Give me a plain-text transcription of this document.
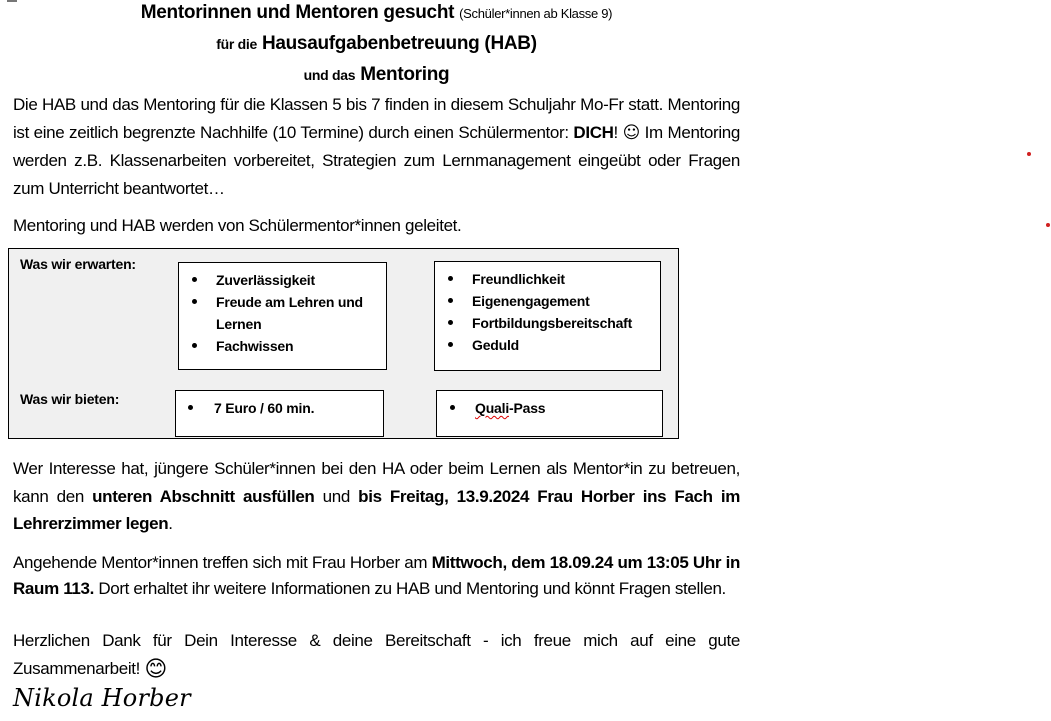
Mentorinnen und Mentoren gesucht (Schüler*innen ab Klasse 9)
für die Hausaufgabenbetreuung (HAB)
und das Mentoring
Die HAB und das Mentoring für die Klassen 5 bis 7 finden in diesem Schuljahr Mo-Fr statt. Mentoring ist eine zeitlich begrenzte Nachhilfe (10 Termine) durch einen Schülermentor: DICH! ☺ Im Mentoring werden z.B. Klassenarbeiten vorbereitet, Strategien zum Lernmanagement eingeübt oder Fragen zum Unterricht beantwortet…
Mentoring und HAB werden von Schülermentor*innen geleitet.
Was wir erwarten:
Zuverlässigkeit
Freude am Lehren und Lernen
Fachwissen
Freundlichkeit
Eigenengagement
Fortbildungsbereitschaft
Geduld
Was wir bieten:
7 Euro / 60 min.	Quali-Pass
Wer Interesse hat, jüngere Schüler*innen bei den HA oder beim Lernen als Mentor*in zu betreuen, kann den unteren Abschnitt ausfüllen und bis Freitag, 13.9.2024 Frau Horber ins Fach im Lehrerzimmer legen.
Angehende Mentor*innen treffen sich mit Frau Horber am Mittwoch, dem 18.09.24 um 13:05 Uhr in Raum 113. Dort erhaltet ihr weitere Informationen zu HAB und Mentoring und könnt Fragen stellen.
Herzlichen Dank für Dein Interesse & deine Bereitschaft - ich freue mich auf eine gute Zusammenarbeit! 😊
Nikola Horber
